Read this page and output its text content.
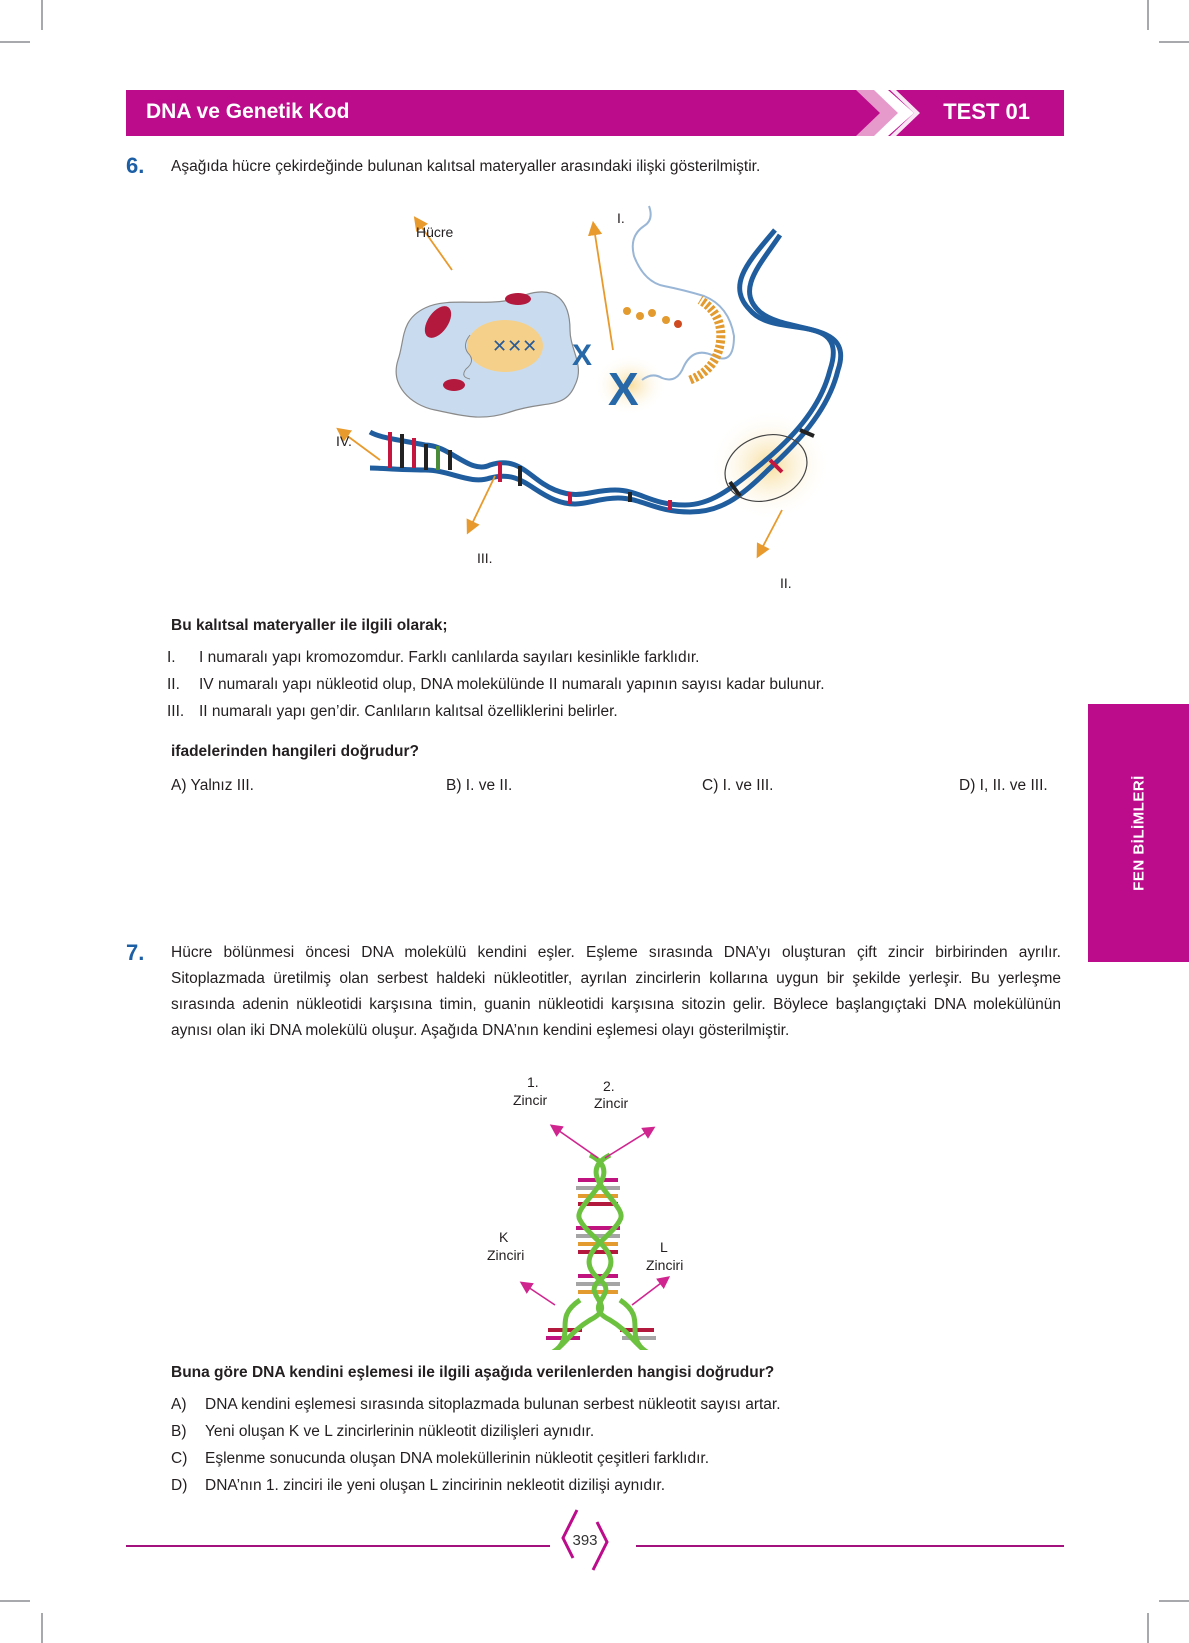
DNA ve Genetik Kod	TEST 01
6. Aşağıda hücre çekirdeğinde bulunan kalıtsal materyaller arasındaki ilişki gösterilmiştir.
✕✕✕ X
X
Hücre
I.
IV.
III.
II.
Bu kalıtsal materyaller ile ilgili olarak;
I. I numaralı yapı kromozomdur. Farklı canlılarda sayıları kesinlikle farklıdır.
II. IV numaralı yapı nükleotid olup, DNA molekülünde II numaralı yapının sayısı kadar bulunur.
III. II numaralı yapı gen’dir. Canlıların kalıtsal özelliklerini belirler.
ifadelerinden hangileri doğrudur?
A) Yalnız III.	B) I. ve II.	C) I. ve III.	D) I, II. ve III.	FEN BİLİMLERİ
7. Hücre bölünmesi öncesi DNA molekülü kendini eşler. Eşleme sırasında DNA’yı oluşturan çift zincir birbirinden ayrılır. Sitoplazmada üretilmiş olan serbest haldeki nükleotitler, ayrılan zincirlerin kollarına uygun bir şekilde yerleşir. Bu yerleşme sırasında adenin nükleotidi karşısına timin, guanin nükleotidi karşısına sitozin gelir. Böylece başlangıçtaki DNA molekülünün aynısı olan iki DNA molekülü oluşur. Aşağıda DNA’nın kendini eşlemesi olayı gösterilmiştir.
1.
Zincir
2.
Zincir
K
Zinciri	L
Zinciri
Buna göre DNA kendini eşlemesi ile ilgili aşağıda verilenlerden hangisi doğrudur?
A) DNA kendini eşlemesi sırasında sitoplazmada bulunan serbest nükleotit sayısı artar.
B) Yeni oluşan K ve L zincirlerinin nükleotit dizilişleri aynıdır.
C) Eşlenme sonucunda oluşan DNA moleküllerinin nükleotit çeşitleri farklıdır.
D) DNA’nın 1. zinciri ile yeni oluşan L zincirinin nekleotit dizilişi aynıdır.
393
